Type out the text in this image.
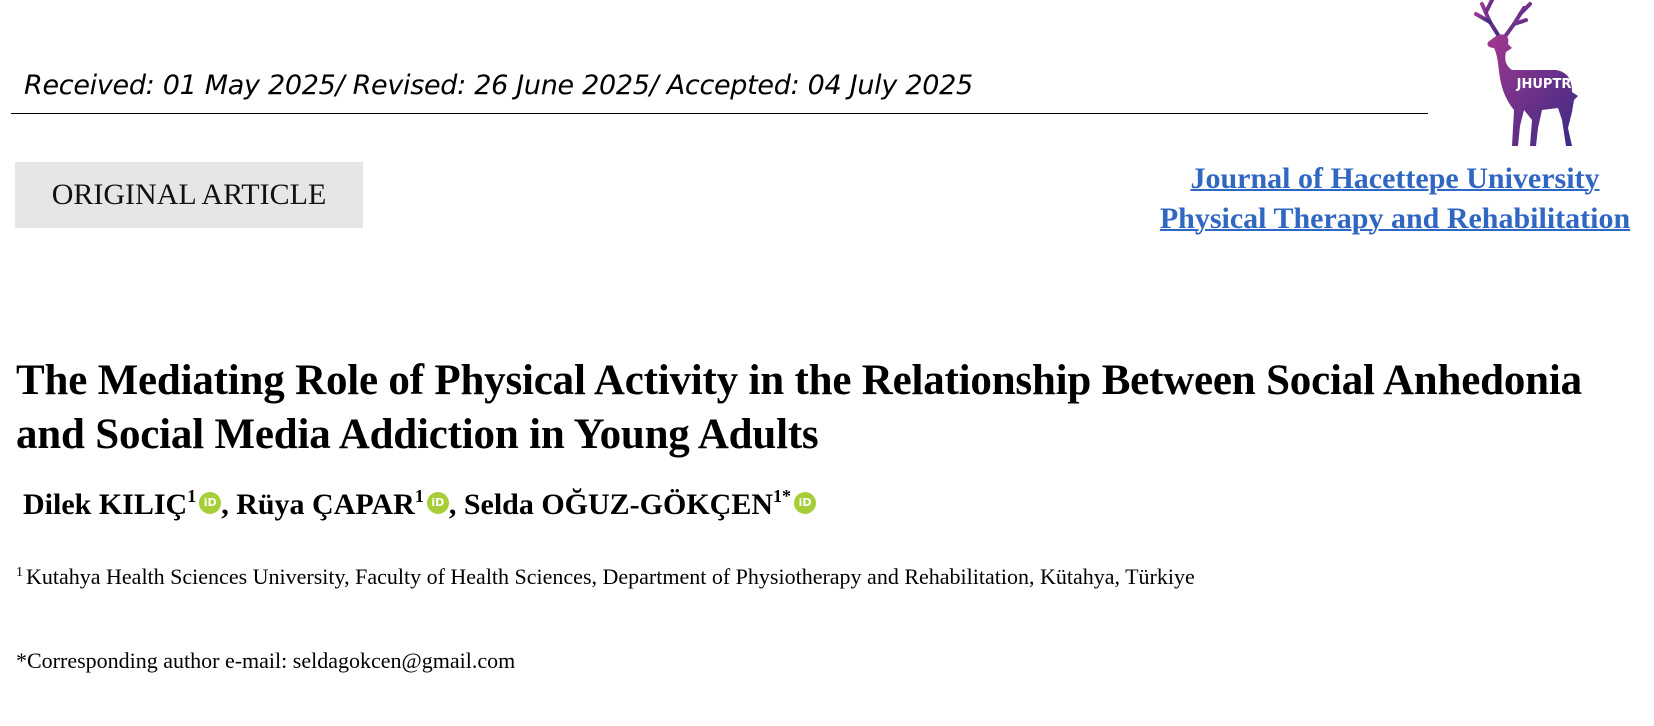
Received: 01 May 2025/ Revised: 26 June 2025/ Accepted: 04 July 2025	JHUPTR
ORIGINAL ARTICLE	Journal of Hacettepe University
Physical Therapy and Rehabilitation
The Mediating Role of Physical Activity in the Relationship Between Social Anhedonia and Social Media Addiction in Young Adults
Dilek KILIÇ$^1$ iD , Rüya ÇAPAR$^1$ iD , Selda OĞUZ-$GÖKÇEN^{1*}$ iD
$^1$ Kutahya Health Sciences University, Faculty of Health Sciences, Department of Physiotherapy and Rehabilitation, Kütahya, Türkiye
*Corresponding author e-mail: seldagokcen@gmail.com
